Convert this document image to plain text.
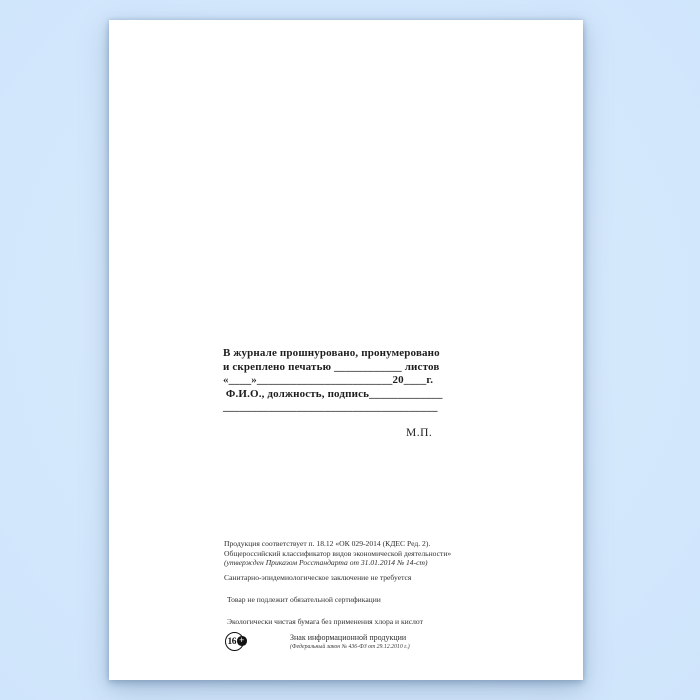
В журнале прошнуровано, пронумеровано
и скреплено печатью ____________ листов
«____»________________________20____г.
Ф.И.О., должность, подпись_____________
______________________________________
М.П.
Продукция соответствует п. 18.12 «ОК 029-2014 (КДЕС Ред. 2).
Общероссийский классификатор видов экономической деятельности»
(утвержден Приказом Росстандарта от 31.01.2014 № 14-ст)
Санитарно-эпидемиологическое заключение не требуется
Товар не подлежит обязательной сертификации
Экологически чистая бумага без применения хлора и кислот
16 +	Знак информационной продукции
(Федеральный закон № 436-ФЗ от 29.12.2010 г.)
